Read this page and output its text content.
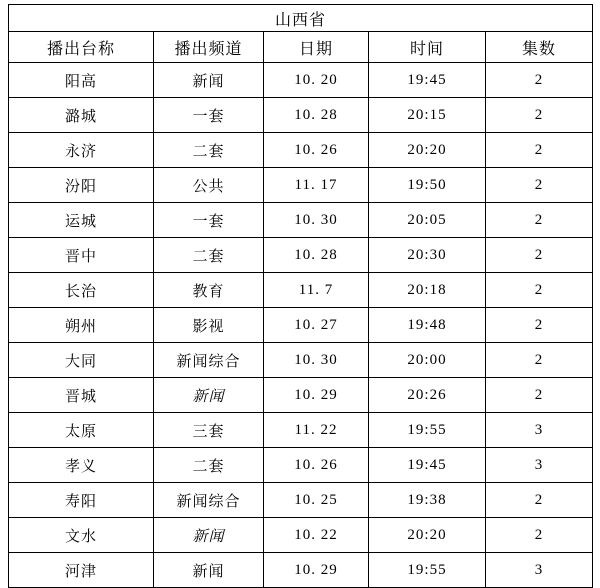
山西省				
播出台称	播出频道	日期	时间	集数
阳高	新闻	10. 20	19:45	2
潞城	一套	10. 28	20:15	2
永济	二套	10. 26	20:20	2
汾阳	公共	11. 17	19:50	2
运城	一套	10. 30	20:05	2
晋中	二套	10. 28	20:30	2
长治	教育	11. 7	20:18	2
朔州	影视	10. 27	19:48	2
大同	新闻综合	10. 30	20:00	2
晋城	新闻	10. 29	20:26	2
太原	三套	11. 22	19:55	3
孝义	二套	10. 26	19:45	3
寿阳	新闻综合	10. 25	19:38	2
文水	新闻	10. 22	20:20	2
河津	新闻	10. 29	19:55	3
